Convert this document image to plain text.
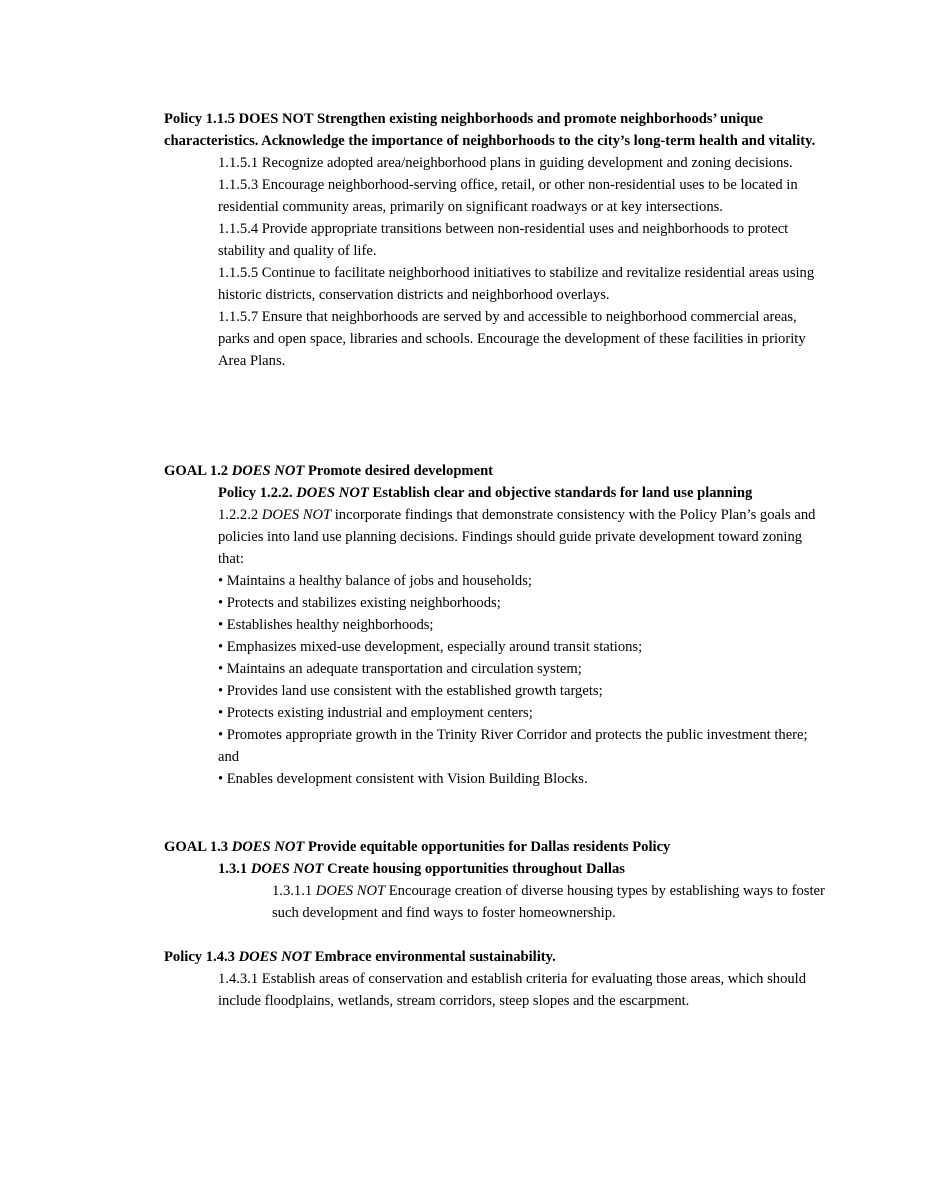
Policy 1.1.5 DOES NOT Strengthen existing neighborhoods and promote neighborhoods’ unique characteristics. Acknowledge the importance of neighborhoods to the city’s long-term health and vitality.

1.1.5.1 Recognize adopted area/neighborhood plans in guiding development and zoning decisions.

1.1.5.3 Encourage neighborhood-serving office, retail, or other non-residential uses to be located in residential community areas, primarily on significant roadways or at key intersections.

1.1.5.4 Provide appropriate transitions between non-residential uses and neighborhoods to protect stability and quality of life.

1.1.5.5 Continue to facilitate neighborhood initiatives to stabilize and revitalize residential areas using historic districts, conservation districts and neighborhood overlays.

1.1.5.7 Ensure that neighborhoods are served by and accessible to neighborhood commercial areas, parks and open space, libraries and schools. Encourage the development of these facilities in priority Area Plans.

GOAL 1.2 DOES NOT Promote desired development

Policy 1.2.2. DOES NOT Establish clear and objective standards for land use planning

1.2.2.2 DOES NOT incorporate findings that demonstrate consistency with the Policy Plan’s goals and policies into land use planning decisions. Findings should guide private development toward zoning that:

• Maintains a healthy balance of jobs and households;

• Protects and stabilizes existing neighborhoods;

• Establishes healthy neighborhoods;

• Emphasizes mixed-use development, especially around transit stations;

• Maintains an adequate transportation and circulation system;

• Provides land use consistent with the established growth targets;

• Protects existing industrial and employment centers;

• Promotes appropriate growth in the Trinity River Corridor and protects the public investment there; and

• Enables development consistent with Vision Building Blocks.

GOAL 1.3 DOES NOT Provide equitable opportunities for Dallas residents Policy

1.3.1 DOES NOT Create housing opportunities throughout Dallas

1.3.1.1 DOES NOT Encourage creation of diverse housing types by establishing ways to foster such development and find ways to foster homeownership.

Policy 1.4.3 DOES NOT Embrace environmental sustainability.

1.4.3.1 Establish areas of conservation and establish criteria for evaluating those areas, which should include floodplains, wetlands, stream corridors, steep slopes and the escarpment.
